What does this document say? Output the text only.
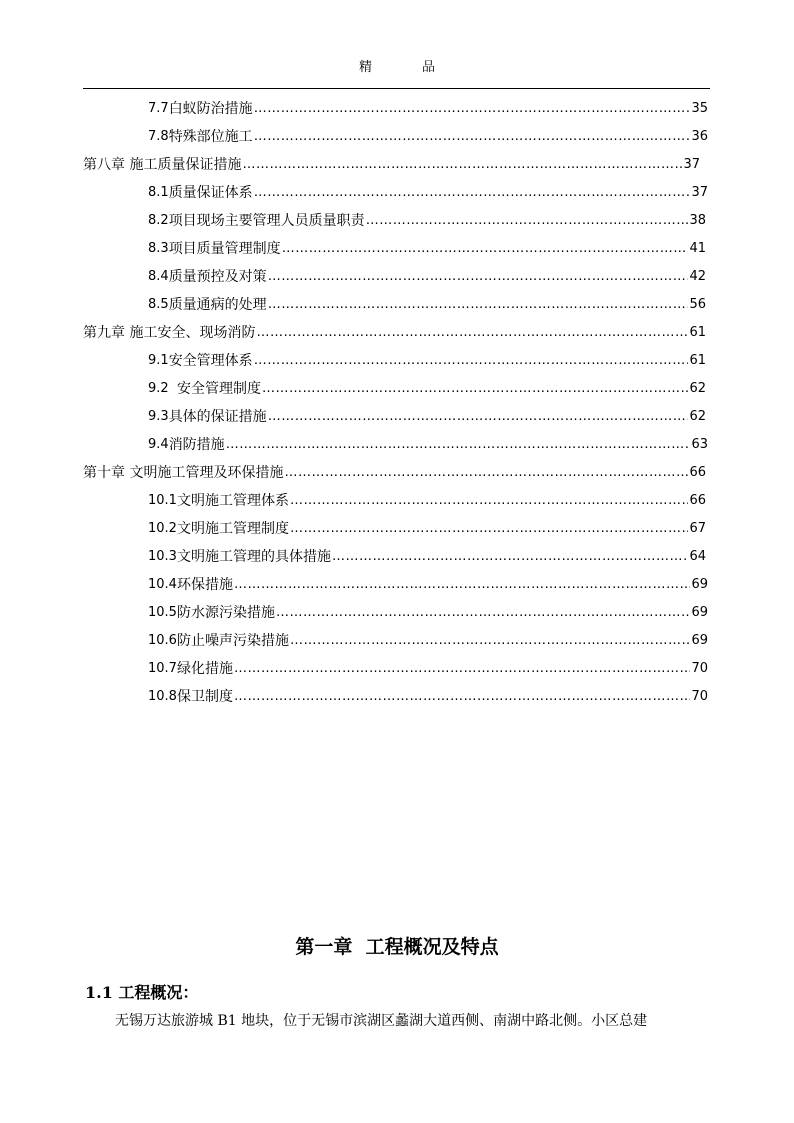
精	品
7.7 白蚁防治措施 ……………………………………………………………………………………………………………………………………………………………………………………	35
7.8 特殊部位施工 ……………………………………………………………………………………………………………………………………………………………………………………	36
第八章 施工质量保证措施 ……………………………………………………………………………………………………………………………………………………………………………………	37
8.1 质量保证体系 ……………………………………………………………………………………………………………………………………………………………………………………	37
8.2 项目现场主要管理人员质量职责 ……………………………………………………………………………………………………………………………………………………………………………………	38
8.3 项目质量管理制度 ……………………………………………………………………………………………………………………………………………………………………………………	41
8.4 质量预控及对策 ……………………………………………………………………………………………………………………………………………………………………………………	42
8.5 质量通病的处理 ……………………………………………………………………………………………………………………………………………………………………………………	56
第九章 施工安全、现场消防 ……………………………………………………………………………………………………………………………………………………………………………………	61
9.1 安全管理体系 ……………………………………………………………………………………………………………………………………………………………………………………	61
9.2 安全管理制度 ……………………………………………………………………………………………………………………………………………………………………………………	62
9.3 具体的保证措施 ……………………………………………………………………………………………………………………………………………………………………………………	62
9.4 消防措施 ……………………………………………………………………………………………………………………………………………………………………………………	63
第十章 文明施工管理及环保措施 ……………………………………………………………………………………………………………………………………………………………………………………	66
10.1 文明施工管理体系 ……………………………………………………………………………………………………………………………………………………………………………………	66
10.2 文明施工管理制度 ……………………………………………………………………………………………………………………………………………………………………………………	67
10.3 文明施工管理的具体措施 ……………………………………………………………………………………………………………………………………………………………………………………	64
10.4 环保措施 ……………………………………………………………………………………………………………………………………………………………………………………	69
10.5 防水源污染措施 ……………………………………………………………………………………………………………………………………………………………………………………	69
10.6 防止噪声污染措施 ……………………………………………………………………………………………………………………………………………………………………………………	69
10.7 绿化措施 ……………………………………………………………………………………………………………………………………………………………………………………	70
10.8 保卫制度 ……………………………………………………………………………………………………………………………………………………………………………………	70
第一章  工程概况及特点
1.1 工程概况：
无锡万达旅游城 B1 地块，位于无锡市滨湖区蠡湖大道西侧、南湖中路北侧。小区总建
